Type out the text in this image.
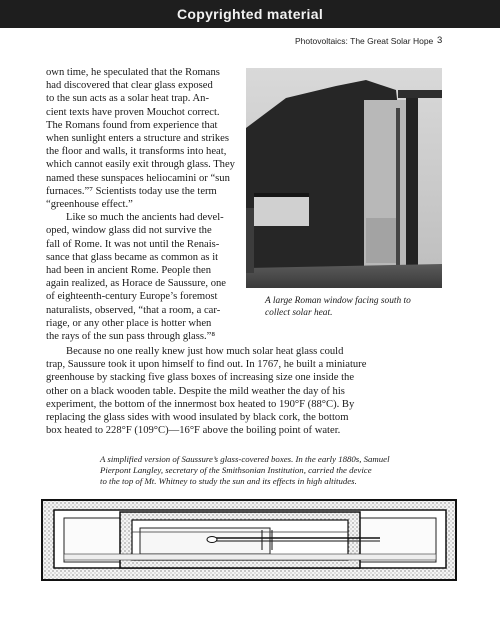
Copyrighted material
Photovoltaics: The Great Solar Hope 3
own time, he speculated that the Romans
had discovered that clear glass exposed
to the sun acts as a solar heat trap. An-
cient texts have proven Mouchot correct.
The Romans found from experience that
when sunlight enters a structure and strikes
the floor and walls, it transforms into heat,
which cannot easily exit through glass. They
named these sunspaces heliocamini or “sun
furnaces.”⁷ Scientists today use the term
“greenhouse effect.”
Like so much the ancients had devel-
oped, window glass did not survive the
fall of Rome. It was not until the Renais-
sance that glass became as common as it
had been in ancient Rome. People then
again realized, as Horace de Saussure, one
of eighteenth-century Europe’s foremost
naturalists, observed, “that a room, a car-
riage, or any other place is hotter when
the rays of the sun pass through glass.”⁸
A large Roman window facing south to
collect solar heat.
Because no one really knew just how much solar heat glass could
trap, Saussure took it upon himself to find out. In 1767, he built a miniature
greenhouse by stacking five glass boxes of increasing size one inside the
other on a black wooden table. Despite the mild weather the day of his
experiment, the bottom of the innermost box heated to 190°F (88°C). By
replacing the glass sides with wood insulated by black cork, the bottom
box heated to 228°F (109°C)—16°F above the boiling point of water.
A simplified version of Saussure’s glass-covered boxes. In the early 1880s, Samuel
Pierpont Langley, secretary of the Smithsonian Institution, carried the device
to the top of Mt. Whitney to study the sun and its effects in high altitudes.
